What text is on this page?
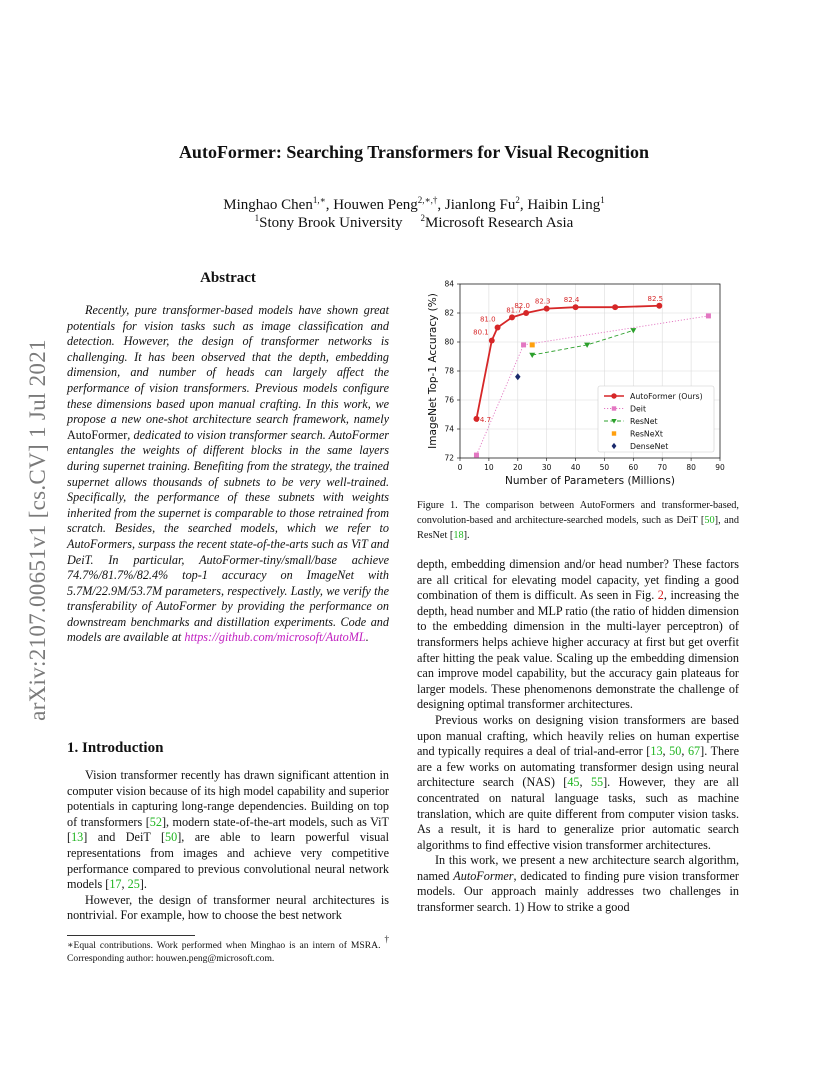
arXiv:2107.00651v1 [cs.CV] 1 Jul 2021
AutoFormer: Searching Transformers for Visual Recognition
Minghao Chen$^{1,∗}$, Houwen Peng$^{2,∗,\dagger}$, Jianlong Fu$^2$, Haibin Ling$^1$
$^1$Stony Brook University $^2$Microsoft Research Asia
Abstract
Recently, pure transformer-based models have shown great potentials for vision tasks such as image classification and detection. However, the design of transformer networks is challenging. It has been observed that the depth, embedding dimension, and number of heads can largely affect the performance of vision transformers. Previous models configure these dimensions based upon manual crafting. In this work, we propose a new one-shot architecture search framework, namely AutoFormer, dedicated to vision transformer search. AutoFormer entangles the weights of different blocks in the same layers during supernet training. Benefiting from the strategy, the trained supernet allows thousands of subnets to be very well-trained. Specifically, the performance of these subnets with weights inherited from the supernet is comparable to those retrained from scratch. Besides, the searched models, which we refer to AutoFormers, surpass the recent state-of-the-arts such as ViT and DeiT. In particular, AutoFormer-tiny/small/base achieve 74.7%/81.7%/82.4% top-1 accuracy on ImageNet with 5.7M/22.9M/53.7M parameters, respectively. Lastly, we verify the transferability of AutoFormer by providing the performance on downstream benchmarks and distillation experiments. Code and models are available at https://github.com/microsoft/AutoML.
1. Introduction

Vision transformer recently has drawn significant attention in computer vision because of its high model capability and superior potentials in capturing long-range dependencies. Building on top of transformers [52], modern state-of-the-art models, such as ViT [13] and DeiT [50], are able to learn powerful visual representations from images and achieve very competitive performance compared to previous convolutional neural network models [17, 25].

However, the design of transformer neural architectures is nontrivial. For example, how to choose the best network

∗Equal contributions. Work performed when Minghao is an intern of MSRA. † Corresponding author: houwen.peng@microsoft.com.
0	10	20	30	40	50	60	70	80	90
72
74
76
78
80
82
84
Number of Parameters (Millions)
ImageNet Top-1 Accuracy (%)	74.7
80.1
81.0
81.7
82.0
82.3 82.4	82.5
AutoFormer (Ours)
Deit
ResNet
ResNeXt
DenseNet
Figure 1. The comparison between AutoFormers and transformer-based, convolution-based and architecture-searched models, such as DeiT [50], and ResNet [18].

depth, embedding dimension and/or head number? These factors are all critical for elevating model capacity, yet finding a good combination of them is difficult. As seen in Fig. 2, increasing the depth, head number and MLP ratio (the ratio of hidden dimension to the embedding dimension in the multi-layer perceptron) of transformers helps achieve higher accuracy at first but get overfit after hitting the peak value. Scaling up the embedding dimension can improve model capability, but the accuracy gain plateaus for larger models. These phenomenons demonstrate the challenge of designing optimal transformer architectures.

Previous works on designing vision transformers are based upon manual crafting, which heavily relies on human expertise and typically requires a deal of trial-and-error [13, 50, 67]. There are a few works on automating transformer design using neural architecture search (NAS) [45, 55]. However, they are all concentrated on natural language tasks, such as machine translation, which are quite different from computer vision tasks. As a result, it is hard to generalize prior automatic search algorithms to find effective vision transformer architectures.

In this work, we present a new architecture search algorithm, named AutoFormer, dedicated to finding pure vision transformer models. Our approach mainly addresses two challenges in transformer search. 1) How to strike a good
